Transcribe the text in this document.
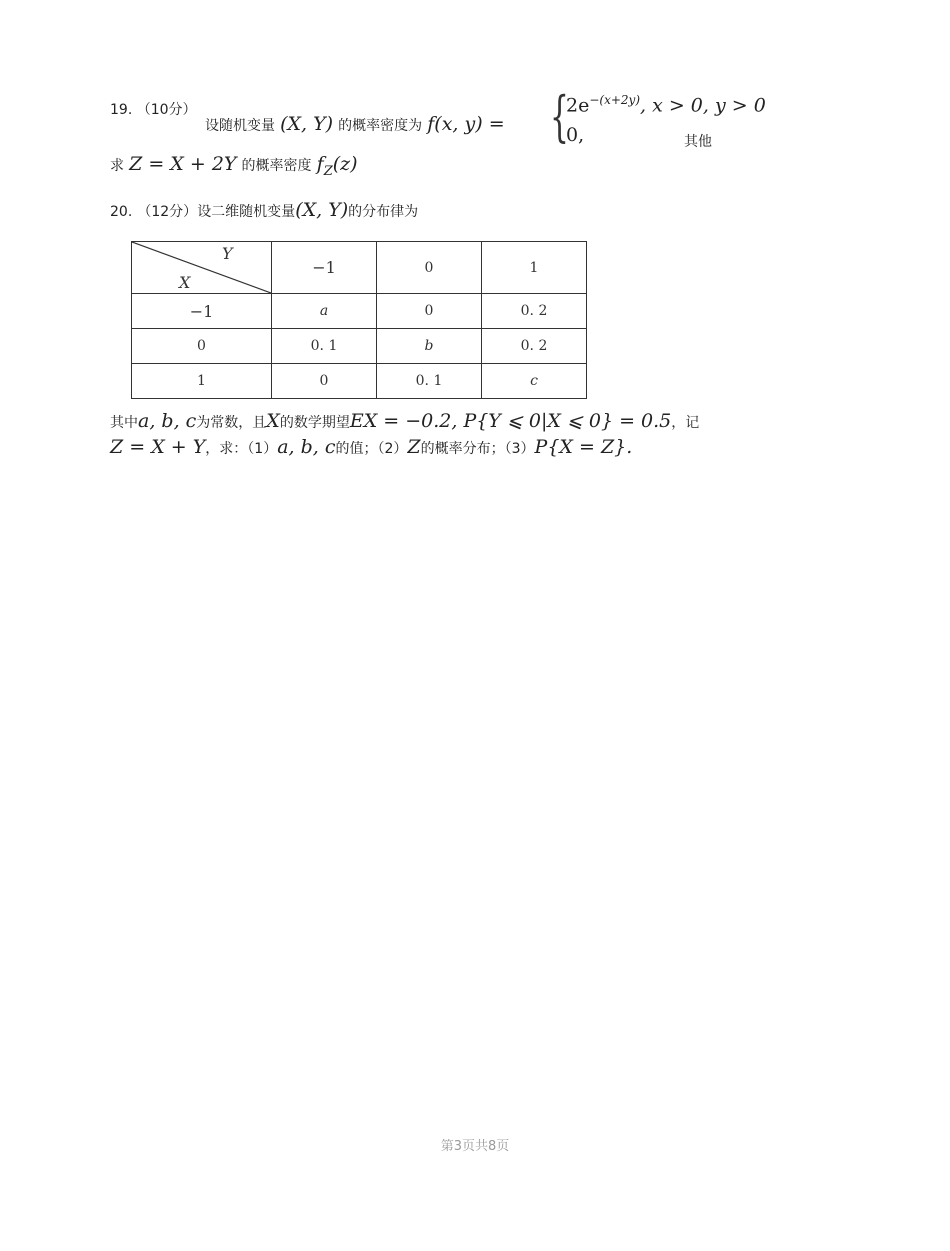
19. （10分）
设随机变量 (X, Y) 的概率密度为 f(x, y) = {
$2e^{-(x+2y)}$, x > 0, y > 0
0,	其他
求 Z = X + 2Y 的概率密度 $f_Z(z)$
20. （12分）设二维随机变量(X, Y)的分布律为
Y
X	−1	0	1
−1	a	0	0. 2
0	0. 1	b	0. 2
1	0	0. 1	c
其中a, b, c为常数，且X的数学期望EX = −0.2, P{Y ⩽ 0|X ⩽ 0} = 0.5，记
Z = X + Y，求：（1）a, b, c的值；（2）Z的概率分布；（3）P{X = Z}.
第3页共8页
